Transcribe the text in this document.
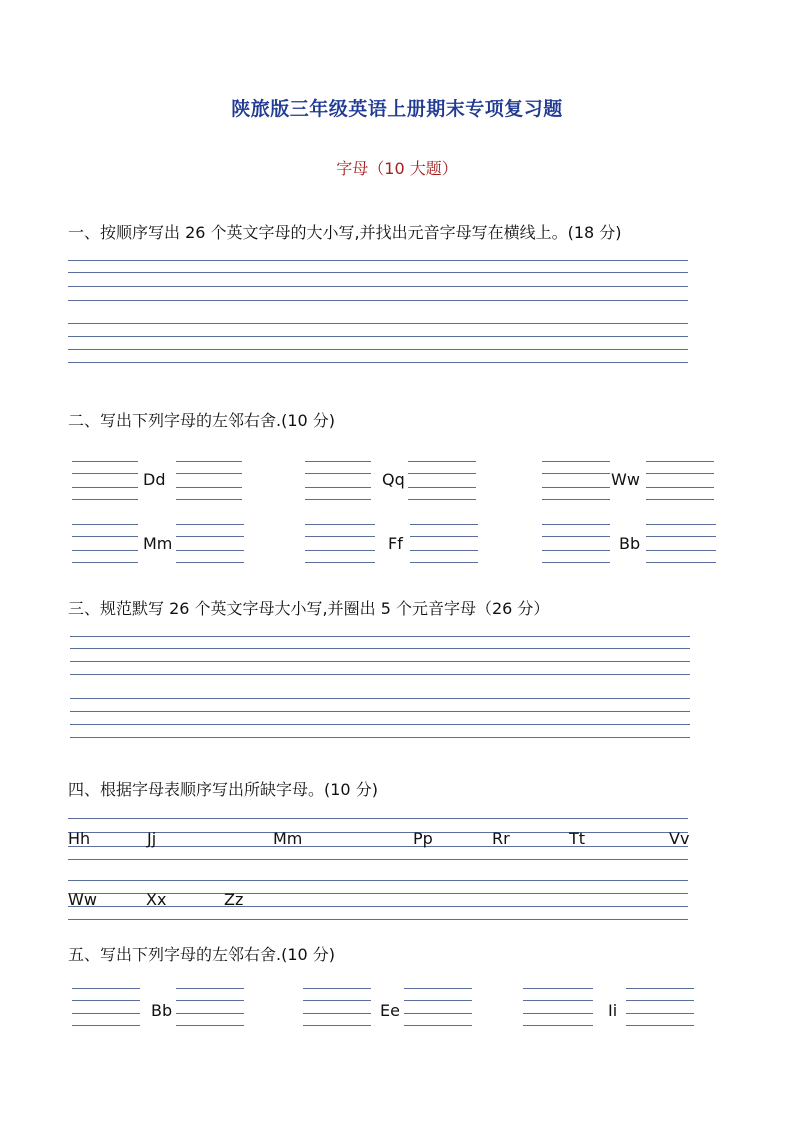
陕旅版三年级英语上册期末专项复习题
字母（10 大题）
一、按顺序写出 26 个英文字母的大小写,并找出元音字母写在横线上。(18 分)
二、写出下列字母的左邻右舍.(10 分)
Dd	Qq	Ww
Mm	Ff	Bb
三、规范默写 26 个英文字母大小写,并圈出 5 个元音字母（26 分）
四、根据字母表顺序写出所缺字母。(10 分)
Hh	Jj	Mm	Pp	Rr	Tt	Vv
Ww	Xx	Zz
五、写出下列字母的左邻右舍.(10 分)
Bb	Ee	Ii
